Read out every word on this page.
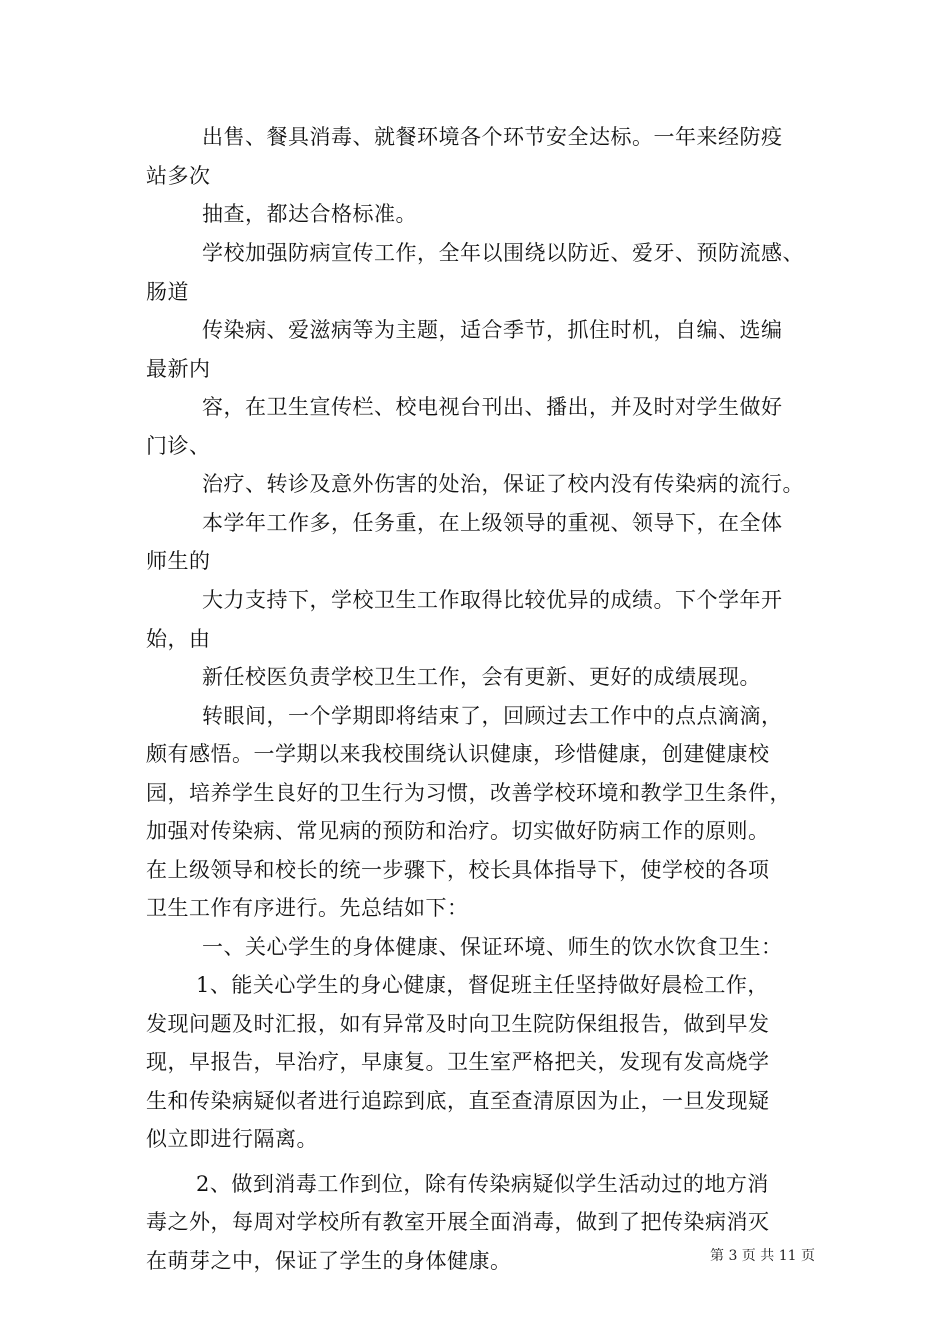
出售、餐具消毒、就餐环境各个环节安全达标。一年来经防疫
站多次
抽查，都达合格标准。
学校加强防病宣传工作，全年以围绕以防近、爱牙、预防流感、
肠道
传染病、爱滋病等为主题，适合季节，抓住时机，自编、选编
最新内
容，在卫生宣传栏、校电视台刊出、播出，并及时对学生做好
门诊、
治疗、转诊及意外伤害的处治，保证了校内没有传染病的流行。
本学年工作多，任务重，在上级领导的重视、领导下，在全体
师生的
大力支持下，学校卫生工作取得比较优异的成绩。下个学年开
始，由
新任校医负责学校卫生工作，会有更新、更好的成绩展现。
转眼间，一个学期即将结束了，回顾过去工作中的点点滴滴，
颇有感悟。一学期以来我校围绕认识健康，珍惜健康，创建健康校
园，培养学生良好的卫生行为习惯，改善学校环境和教学卫生条件，
加强对传染病、常见病的预防和治疗。切实做好防病工作的原则。
在上级领导和校长的统一步骤下，校长具体指导下，使学校的各项
卫生工作有序进行。先总结如下：
一、关心学生的身体健康、保证环境、师生的饮水饮食卫生：
1、能关心学生的身心健康，督促班主任坚持做好晨检工作，
发现问题及时汇报，如有异常及时向卫生院防保组报告，做到早发
现，早报告，早治疗，早康复。卫生室严格把关，发现有发高烧学
生和传染病疑似者进行追踪到底，直至查清原因为止，一旦发现疑
似立即进行隔离。
2、做到消毒工作到位，除有传染病疑似学生活动过的地方消
毒之外，每周对学校所有教室开展全面消毒，做到了把传染病消灭
在萌芽之中，保证了学生的身体健康。	第 3 页 共 11 页
